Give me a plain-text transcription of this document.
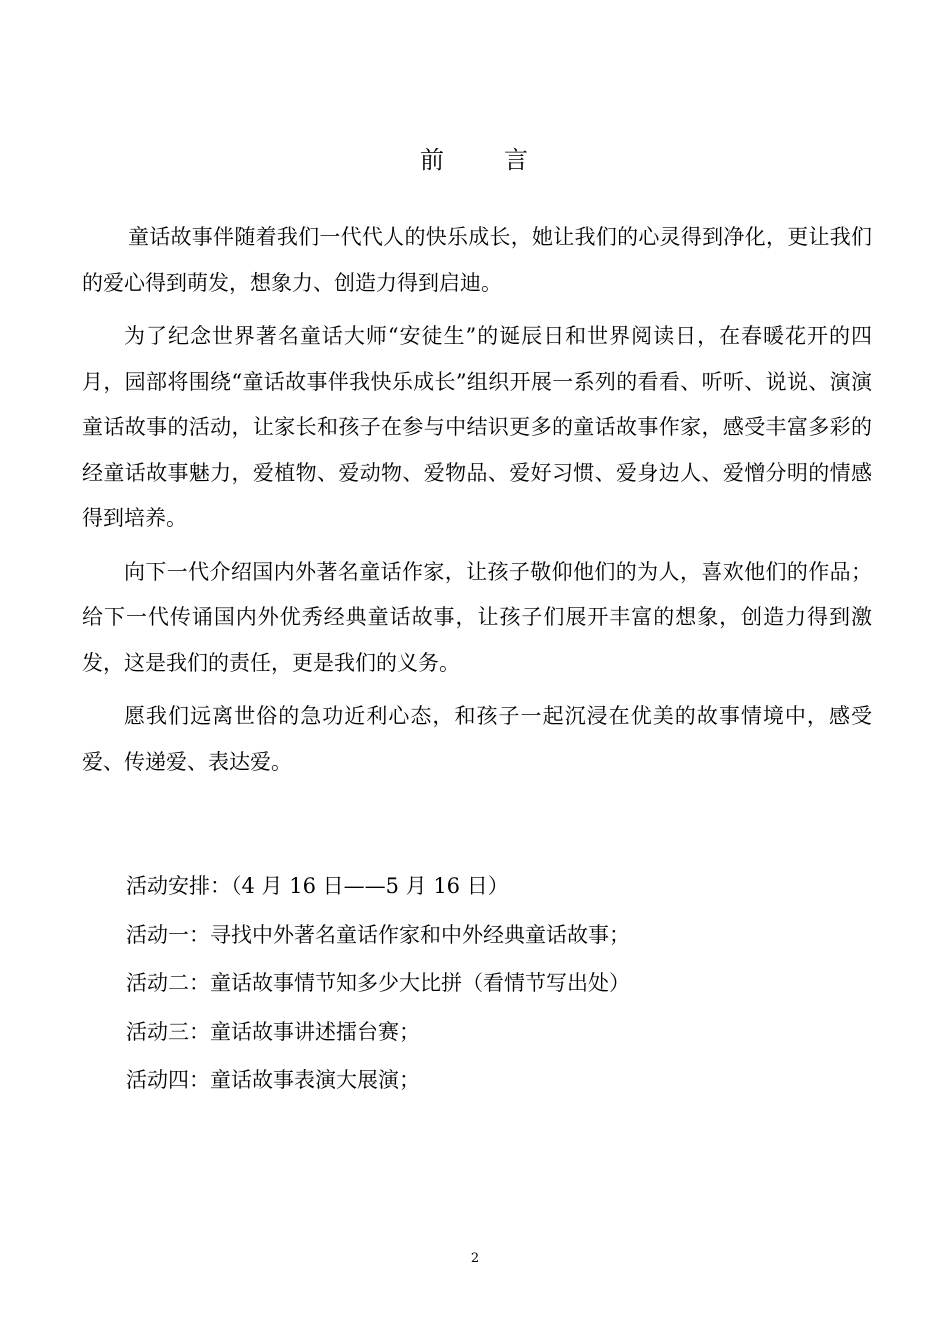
前 言

童话故事伴随着我们一代代人的快乐成长，她让我们的心灵得到净化，更让我们的爱心得到萌发，想象力、创造力得到启迪。

为了纪念世界著名童话大师“安徒生”的诞辰日和世界阅读日，在春暖花开的四月，园部将围绕“童话故事伴我快乐成长”组织开展一系列的看看、听听、说说、演演童话故事的活动，让家长和孩子在参与中结识更多的童话故事作家，感受丰富多彩的经童话故事魅力，爱植物、爱动物、爱物品、爱好习惯、爱身边人、爱憎分明的情感得到培养。

向下一代介绍国内外著名童话作家，让孩子敬仰他们的为人，喜欢他们的作品；给下一代传诵国内外优秀经典童话故事，让孩子们展开丰富的想象，创造力得到激发，这是我们的责任，更是我们的义务。

愿我们远离世俗的急功近利心态，和孩子一起沉浸在优美的故事情境中，感受爱、传递爱、表达爱。

活动安排：（4 月 16 日——5 月 16 日）
活动一：寻找中外著名童话作家和中外经典童话故事；
活动二：童话故事情节知多少大比拼（看情节写出处）
活动三：童话故事讲述擂台赛；
活动四：童话故事表演大展演；
2
